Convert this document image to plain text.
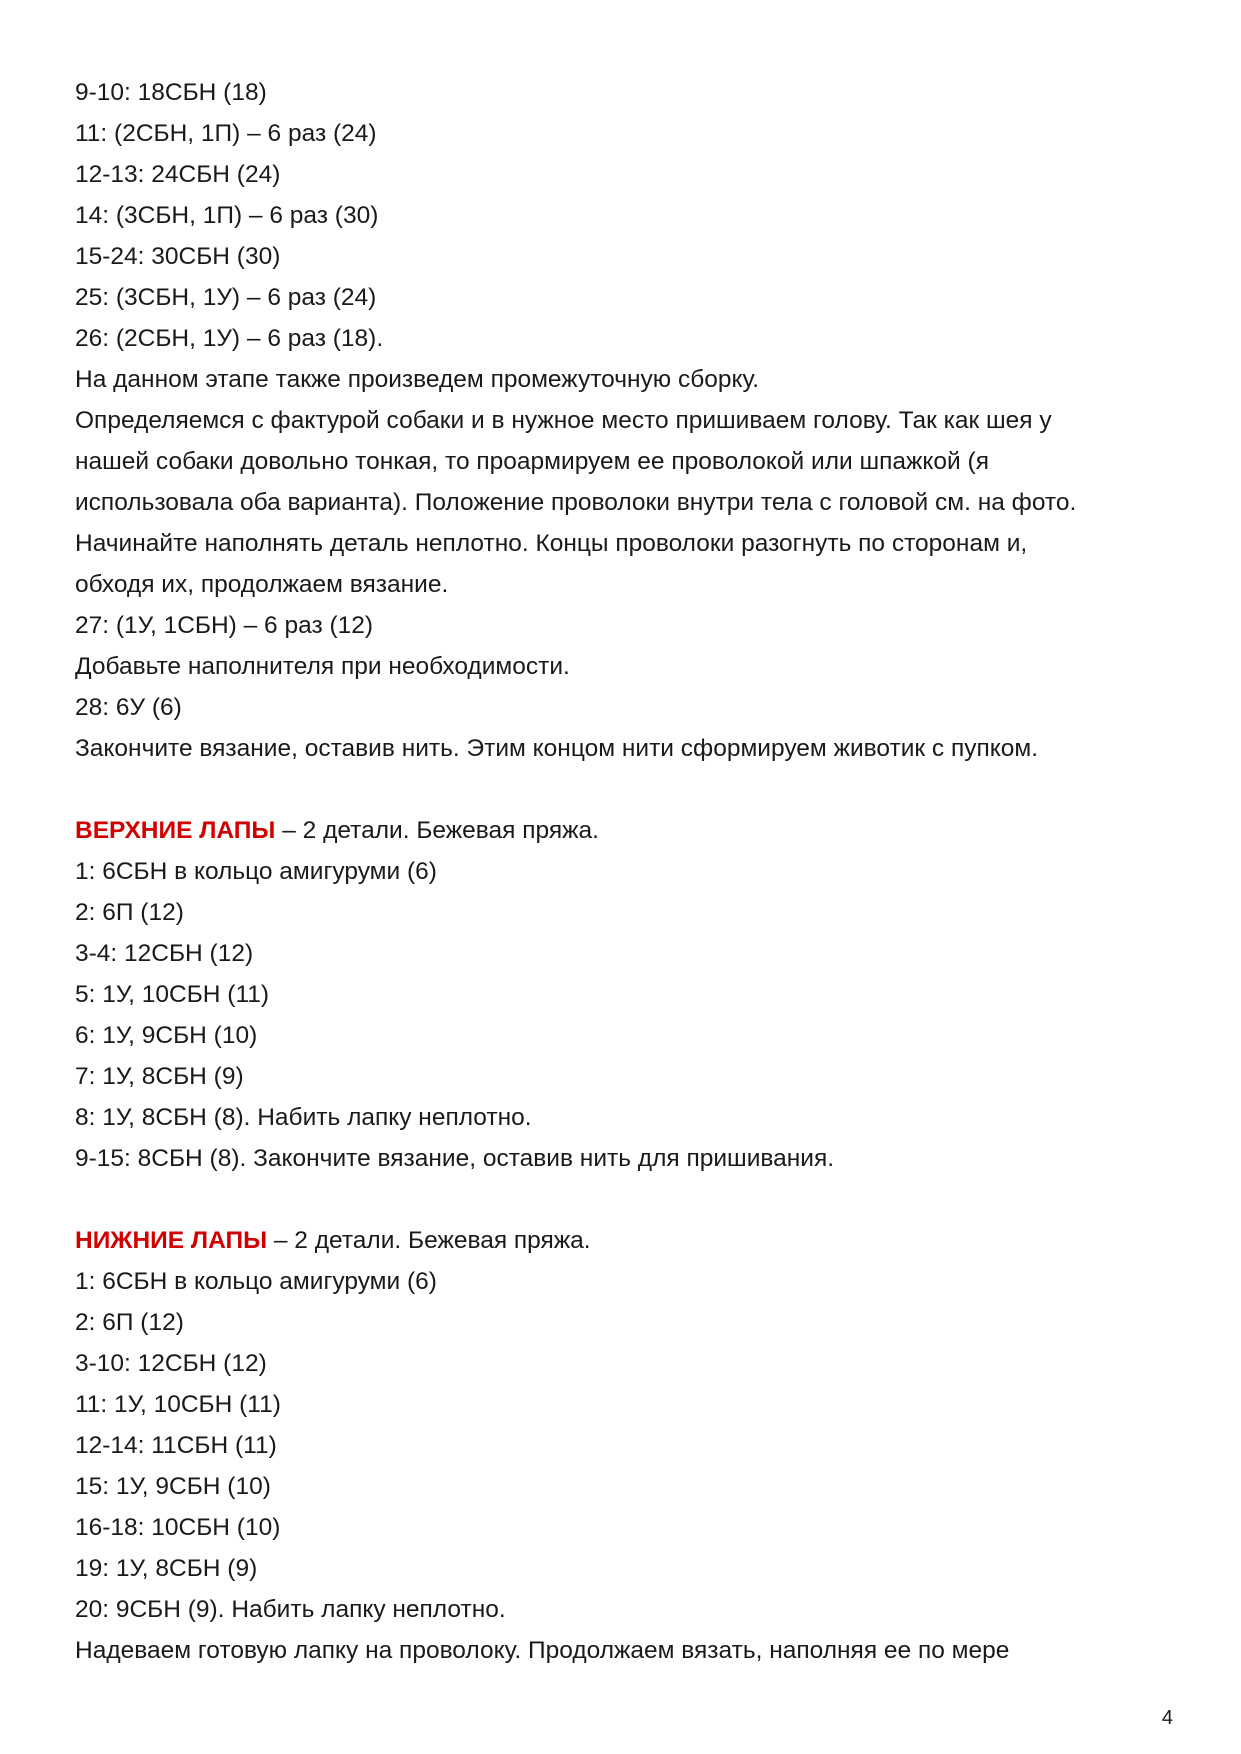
9-10: 18СБН (18)
11: (2СБН, 1П) – 6 раз (24)
12-13: 24СБН (24)
14: (3СБН, 1П) – 6 раз (30)
15-24: 30СБН (30)
25: (3СБН, 1У) – 6 раз (24)
26: (2СБН, 1У) – 6 раз (18).
На данном этапе также произведем промежуточную сборку.
Определяемся с фактурой собаки и в нужное место пришиваем голову. Так как шея у
нашей собаки довольно тонкая, то проармируем ее проволокой или шпажкой (я
использовала оба варианта). Положение проволоки внутри тела с головой см. на фото.
Начинайте наполнять деталь неплотно. Концы проволоки разогнуть по сторонам и,
обходя их, продолжаем вязание.
27: (1У, 1СБН) – 6 раз (12)
Добавьте наполнителя при необходимости.
28: 6У (6)
Закончите вязание, оставив нить. Этим концом нити сформируем животик с пупком.
ВЕРХНИЕ ЛАПЫ – 2 детали. Бежевая пряжа.
1: 6СБН в кольцо амигуруми (6)
2: 6П (12)
3-4: 12СБН (12)
5: 1У, 10СБН (11)
6: 1У, 9СБН (10)
7: 1У, 8СБН (9)
8: 1У, 8СБН (8). Набить лапку неплотно.
9-15: 8СБН (8). Закончите вязание, оставив нить для пришивания.
НИЖНИЕ ЛАПЫ – 2 детали. Бежевая пряжа.
1: 6СБН в кольцо амигуруми (6)
2: 6П (12)
3-10: 12СБН (12)
11: 1У, 10СБН (11)
12-14: 11СБН (11)
15: 1У, 9СБН (10)
16-18: 10СБН (10)
19: 1У, 8СБН (9)
20: 9СБН (9). Набить лапку неплотно.
Надеваем готовую лапку на проволоку. Продолжаем вязать, наполняя ее по мере
4
